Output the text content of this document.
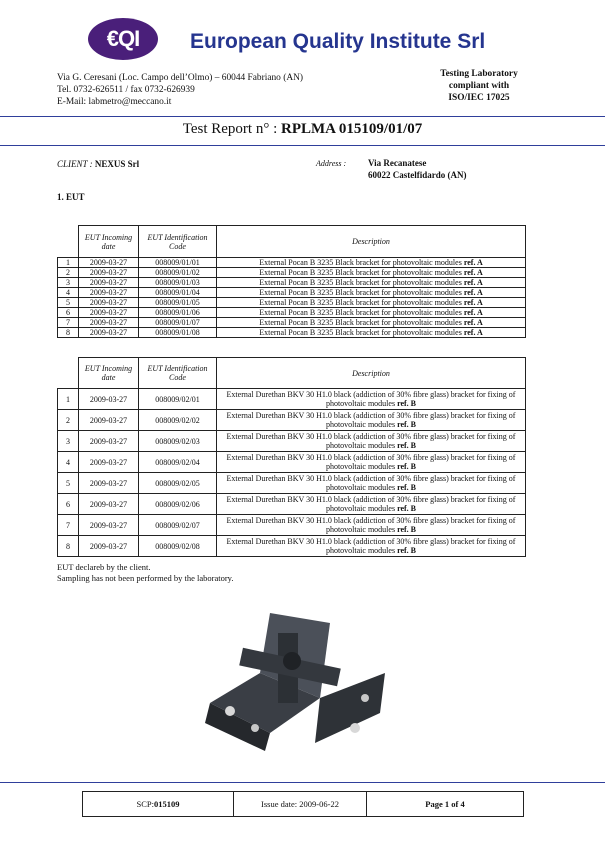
€QI	European Quality Institute Srl
Via G. Ceresani (Loc. Campo dell’Olmo) – 60044 Fabriano (AN)
Tel. 0732-626511 / fax 0732-626939
E-Mail: labmetro@meccano.it
Testing Laboratory
compliant with
ISO/IEC 17025
Test Report n° : RPLMA 015109/01/07
CLIENT : NEXUS Srl	Address : Via Recanatese
60022 Castelfidardo (AN)
1. EUT
	EUT Incoming date	EUT Identification Code	Description
1	2009-03-27	008009/01/01	External Pocan B 3235 Black bracket for photovoltaic modules ref. A
2	2009-03-27	008009/01/02	External Pocan B 3235 Black bracket for photovoltaic modules ref. A
3	2009-03-27	008009/01/03	External Pocan B 3235 Black bracket for photovoltaic modules ref. A
4	2009-03-27	008009/01/04	External Pocan B 3235 Black bracket for photovoltaic modules ref. A
5	2009-03-27	008009/01/05	External Pocan B 3235 Black bracket for photovoltaic modules ref. A
6	2009-03-27	008009/01/06	External Pocan B 3235 Black bracket for photovoltaic modules ref. A
7	2009-03-27	008009/01/07	External Pocan B 3235 Black bracket for photovoltaic modules ref. A
8	2009-03-27	008009/01/08	External Pocan B 3235 Black bracket for photovoltaic modules ref. A
	EUT Incoming date	EUT Identification Code	Description
1	2009-03-27	008009/02/01	External Durethan BKV 30 H1.0 black (addiction of 30% fibre glass) bracket for fixing of photovoltaic modules ref. B
2	2009-03-27	008009/02/02	External Durethan BKV 30 H1.0 black (addiction of 30% fibre glass) bracket for fixing of photovoltaic modules ref. B
3	2009-03-27	008009/02/03	External Durethan BKV 30 H1.0 black (addiction of 30% fibre glass) bracket for fixing of photovoltaic modules ref. B
4	2009-03-27	008009/02/04	External Durethan BKV 30 H1.0 black (addiction of 30% fibre glass) bracket for fixing of photovoltaic modules ref. B
5	2009-03-27	008009/02/05	External Durethan BKV 30 H1.0 black (addiction of 30% fibre glass) bracket for fixing of photovoltaic modules ref. B
6	2009-03-27	008009/02/06	External Durethan BKV 30 H1.0 black (addiction of 30% fibre glass) bracket for fixing of photovoltaic modules ref. B
7	2009-03-27	008009/02/07	External Durethan BKV 30 H1.0 black (addiction of 30% fibre glass) bracket for fixing of photovoltaic modules ref. B
8	2009-03-27	008009/02/08	External Durethan BKV 30 H1.0 black (addiction of 30% fibre glass) bracket for fixing of photovoltaic modules ref. B
EUT declareb by the client.
Sampling has not been performed by the laboratory.
SCP: 015109	Issue date: 2009-06-22	Page 1 of 4
